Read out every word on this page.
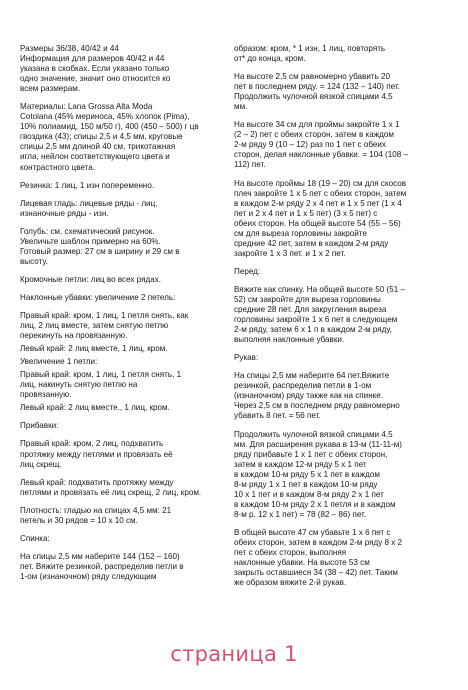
Размеры 36/38, 40/42 и 44
Информация для размеров 40/42 и 44
указана в скобках. Если указано только
одно значение, значит оно относится ко
всем размерам.

Материалы: Lana Grossa Alta Moda
Cotolana (45% мериносa, 45% хлопок (Pima),
10% полиамид, 150 м/50 г), 400 (450 – 500) г цв
гвоздика (43); спицы 2,5 и 4,5 мм, круговые
спицы 2,5 мм длиной 40 см, трикотажная
игла, нейлон соответствующего цвета и
контрастного цвета.

Резинка: 1 лиц, 1 изн попеременно.

Лицевая гладь: лицевые ряды - лиц,
изнаночные ряды - изн.

Голубь: см. схематический рисунок.
Увеличьте шаблон примерно на 60%.
Готовый размер: 27 см в ширину и 29 см в
высоту.

Кромочные петли: лиц во всех рядах.

Наклонные убавки: увеличение 2 петель:

Правый край: кром, 1 лиц, 1 петля снять, как
лиц, 2 лиц вместе, затем снятую петлю
перекинуть на провязанную.

Левый край: 2 лиц вместе, 1 лиц, кром.

Увеличение 1 петли:

Правый край: кром, 1 лиц, 1 петля снять, 1
лиц, накинуть снятую петлю на
провязанную.

Левый край: 2 лиц вместе., 1 лиц, кром.

Прибавки:

Правый край: кром, 2 лиц, подхватить
протяжку между петлями и провязать её
лиц скрещ.

Левый край: подхватить протяжку между
петлями и провязать её лиц скрещ, 2 лиц, кром.

Плотность: гладью на спицах 4,5 мм: 21
петель и 30 рядов = 10 x 10 см.

Спинка:

На спицы 2,5 мм наберите 144 (152 – 160)
пет. Вяжите резинкой, распределив петли в
1-ом (изнаночном) ряду следующим

образом: кром, * 1 изн, 1 лиц, повторять
от* до конца, кром.

На высоте 2,5 см равномерно убавить 20
пет в последнем ряду. = 124 (132 – 140) пет.
Продолжить чулочной вязкой спицами 4,5
мм.

На высоте 34 см для проймы закройте 1 x 1
(2 – 2) пет с обеих сторон, затем в каждом
2-м ряду 9 (10 – 12) раз по 1 пет с обеих
сторон, делая наклонные убавки. = 104 (108 –
112) пет.

На высоте проймы 18 (19 – 20) см для скосов
плеч закройте 1 x 5 пет с обеих сторон, затем
в каждом 2-м ряду 2 x 4 пет и 1 x 5 пет (1 x 4
пет и 2 x 4 пет и 1 x 5 пет) (3 x 5 пет) с
обеих сторон. На общей высоте 54 (55 – 56)
см для выреза горловины закройте
средние 42 пет, затем в каждом 2-м ряду
закройте 1 x 3 пет. и 1 x 2 пет.

Перед:

Вяжите как спинку. На общей высоте 50 (51 –
52) см закройте для выреза горловины
средние 28 пет. Для закругления выреза
горловины закройте 1 x 6 пет в следующем
2-м ряду, затем 6 x 1 п в каждом 2-м ряду,
выполняя наклонные убавки.

Рукав:

На спицы 2,5 мм наберите 64 пет.Вяжите
резинкой, распределив петли в 1-ом
(изнаночном) ряду также как на спинке.
Через 2,5 см в последнем ряду равномерно
убавить 8 пет. = 56 пет.

Продолжить чулочной вязкой спицами 4,5
мм. Для расширения рукава в 13-м (11-11-м)
ряду прибавьте 1 x 1 пет с обеих сторон,
затем в каждом 12-м ряду 5 x 1 пет
в каждом 10-м ряду 5 x 1 пет в каждом
8-м ряду 1 x 1 пет в каждом 10-м ряду
10 x 1 пет и в каждом 8-м ряду 2 x 1 пет
в каждом 10-м ряду 2 x 1 петля и в каждом
8-м р. 12 x 1 пет) = 78 (82 – 86) пет.

В общей высоте 47 см убавьте 1 x 6 пет с
обеих сторон, затем в каждом 2-м ряду 8 x 2
пет с обеих сторон, выполняя
наклонные убавки. На высоте 53 см
закрыть оставшиеся 34 (38 – 42) пет. Таким
же образом вяжите 2-й рукав.

страница 1
